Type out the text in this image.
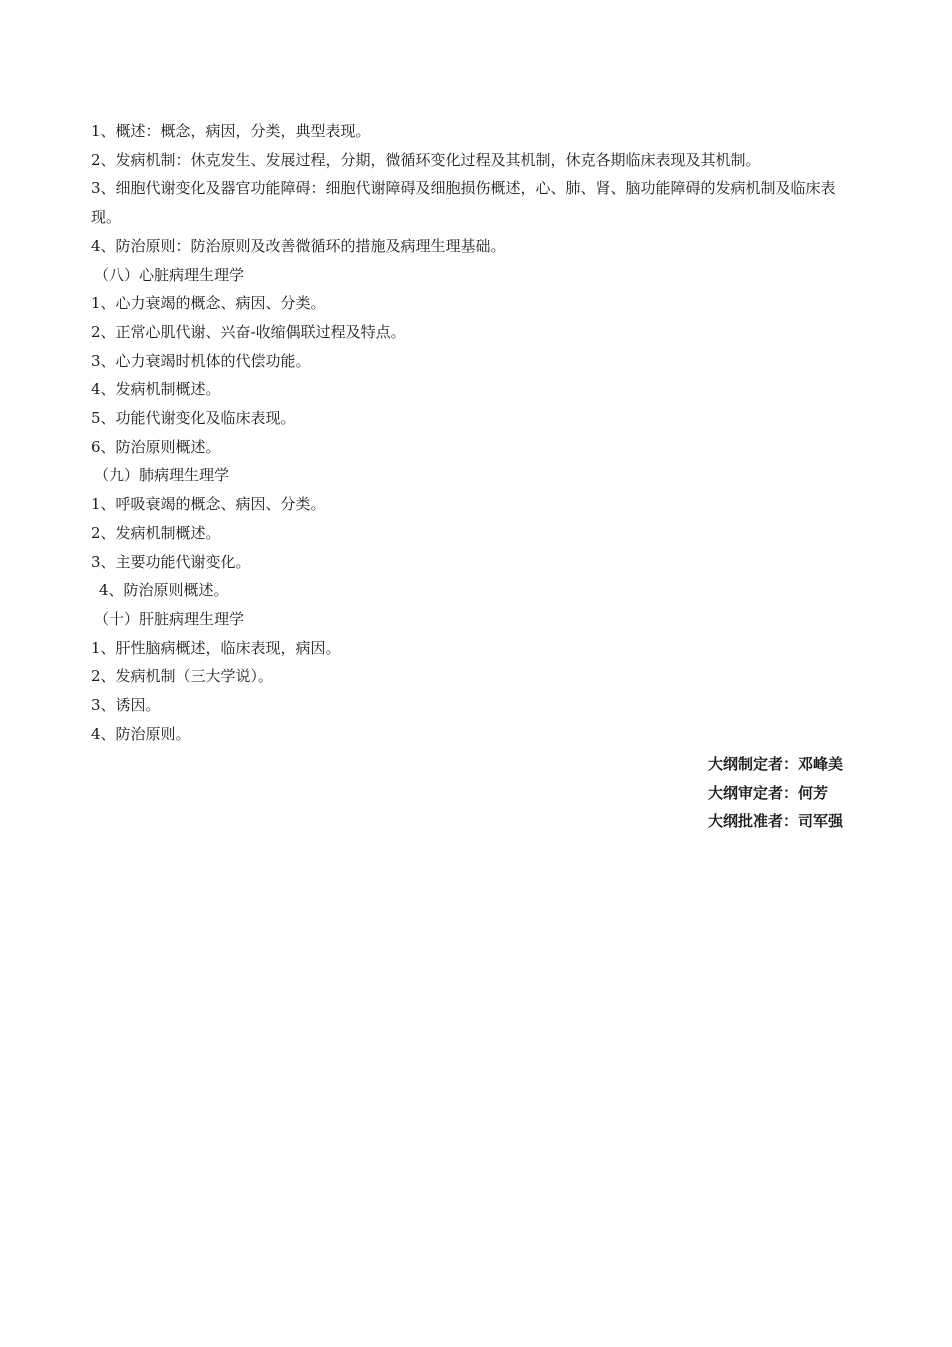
1、概述：概念，病因，分类，典型表现。
2、发病机制：休克发生、发展过程，分期，微循环变化过程及其机制，休克各期临床表现及其机制。
3、细胞代谢变化及器官功能障碍：细胞代谢障碍及细胞损伤概述，心、肺、肾、脑功能障碍的发病机制及临床表现。
4、防治原则：防治原则及改善微循环的措施及病理生理基础。
（八）心脏病理生理学
1、心力衰竭的概念、病因、分类。
2、正常心肌代谢、兴奋-收缩偶联过程及特点。
3、心力衰竭时机体的代偿功能。
4、发病机制概述。
5、功能代谢变化及临床表现。
6、防治原则概述。
（九）肺病理生理学
1、呼吸衰竭的概念、病因、分类。
2、发病机制概述。
3、主要功能代谢变化。
4、防治原则概述。
（十）肝脏病理生理学
1、肝性脑病概述，临床表现，病因。
2、发病机制（三大学说）。
3、诱因。
4、防治原则。
大纲制定者：邓峰美
大纲审定者：何芳
大纲批准者：司军强
